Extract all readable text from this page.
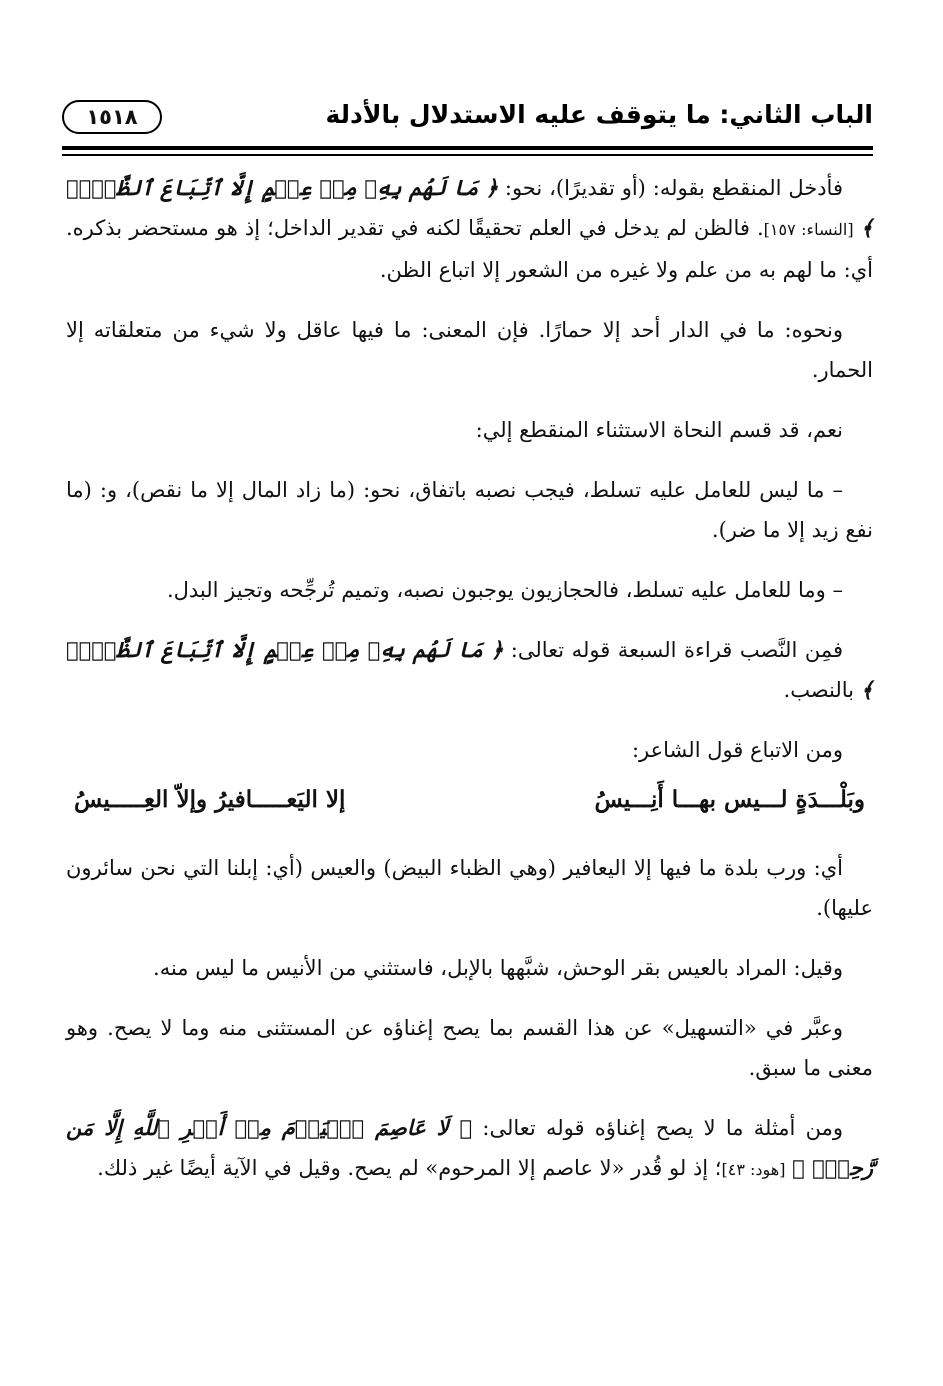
الباب الثاني: ما يتوقف عليه الاستدلال بالأدلة
١٥١٨

فأدخل المنقطع بقوله: (أو تقديرًا)، نحو: ﴿ مَا لَهُم بِهِۦ مِنۡ عِلۡمٍ إِلَّا ٱتِّبَاعَ ٱلظَّنِّۚ ﴾ [النساء: ١٥٧]. فالظن لم يدخل في العلم تحقيقًا لكنه في تقدير الداخل؛ إذ هو مستحضر بذكره. أي: ما لهم به من علم ولا غيره من الشعور إلا اتباع الظن.

ونحوه: ما في الدار أحد إلا حمارًا. فإن المعنى: ما فيها عاقل ولا شيء من متعلقاته إلا الحمار.

نعم، قد قسم النحاة الاستثناء المنقطع إلي:

– ما ليس للعامل عليه تسلط، فيجب نصبه باتفاق، نحو: (ما زاد المال إلا ما نقص)، و: (ما نفع زيد إلا ما ضر).

– وما للعامل عليه تسلط، فالحجازيون يوجبون نصبه، وتميم تُرجِّحه وتجيز البدل.

فمِن النَّصب قراءة السبعة قوله تعالى: ﴿ مَا لَهُم بِهِۦ مِنۡ عِلۡمٍ إِلَّا ٱتِّبَاعَ ٱلظَّنِّۚ ﴾ بالنصب.

ومن الاتباع قول الشاعر:

وبَلْـــدَةٍ لـــيس بهـــا أَنِـــيسُ
إلا اليَعـــــافيرُ وإلاّ العِـــــيسُ

أي: ورب بلدة ما فيها إلا اليعافير (وهي الظباء البيض) والعيس (أي: إبلنا التي نحن سائرون عليها).

وقيل: المراد بالعيس بقر الوحش، شبَّهها بالإبل، فاستثني من الأنيس ما ليس منه.

وعبَّر في «التسهيل» عن هذا القسم بما يصح إغناؤه عن المستثنى منه وما لا يصح. وهو معنى ما سبق.

ومن أمثلة ما لا يصح إغناؤه قوله تعالى: ﴿ لَا عَاصِمَ ٱلۡيَوۡمَ مِنۡ أَمۡرِ ٱللَّهِ إِلَّا مَن رَّحِمَۚ ﴾ [هود: ٤٣]؛ إذ لو قُدر «لا عاصم إلا المرحوم» لم يصح. وقيل في الآية أيضًا غير ذلك.
